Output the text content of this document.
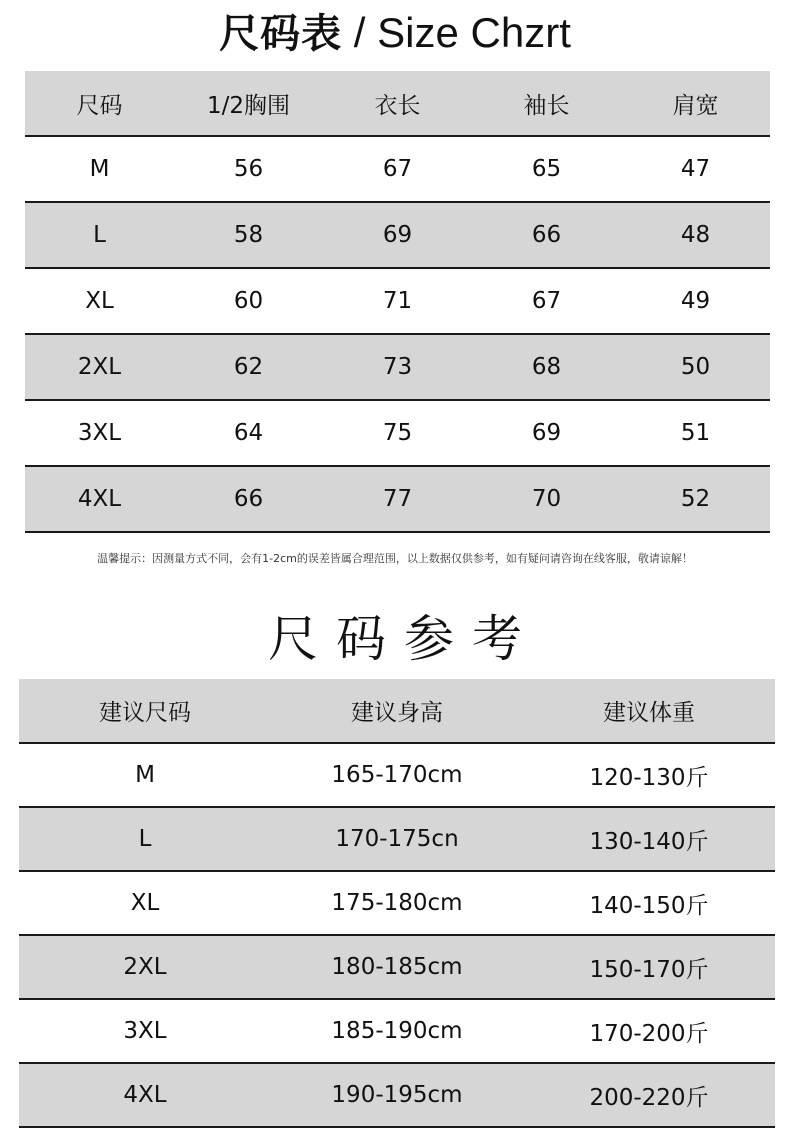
尺码表 / Size Chzrt
尺码	1/2胸围	衣长	袖长	肩宽
M	56	67	65	47
L	58	69	66	48
XL	60	71	67	49
2XL	62	73	68	50
3XL	64	75	69	51
4XL	66	77	70	52
温馨提示：因测量方式不同，会有1-2cm的误差皆属合理范围，以上数据仅供参考，如有疑问请咨询在线客服，敬请谅解！
尺码参考
建议尺码	建议身高	建议体重
M	165-170cm	120-130斤
L	170-175cn	130-140斤
XL	175-180cm	140-150斤
2XL	180-185cm	150-170斤
3XL	185-190cm	170-200斤
4XL	190-195cm	200-220斤
